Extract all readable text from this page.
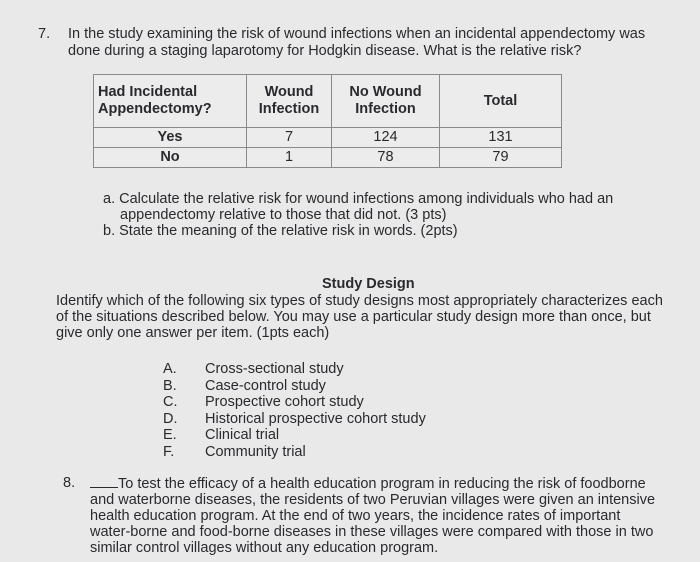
7. In the study examining the risk of wound infections when an incidental appendectomy was done during a staging laparotomy for Hodgkin disease. What is the relative risk?
Had Incidental Appendectomy?	Wound Infection	No Wound Infection	Total
Yes	7	124	131
No	1	78	79

a. Calculate the relative risk for wound infections among individuals who had an

appendectomy relative to those that did not. (3 pts)

b. State the meaning of the relative risk in words. (2pts)

Study Design
Identify which of the following six types of study designs most appropriately characterizes each of the situations described below. You may use a particular study design more than once, but give only one answer per item. (1pts each)
A.	Cross-sectional study
B.	Case-control study
C.	Prospective cohort study
D.	Historical prospective cohort study
E.	Clinical trial
F.	Community trial
8.	To test the efficacy of a health education program in reducing the risk of foodborne and waterborne diseases, the residents of two Peruvian villages were given an intensive health education program. At the end of two years, the incidence rates of important water-borne and food-borne diseases in these villages were compared with those in two similar control villages without any education program.
